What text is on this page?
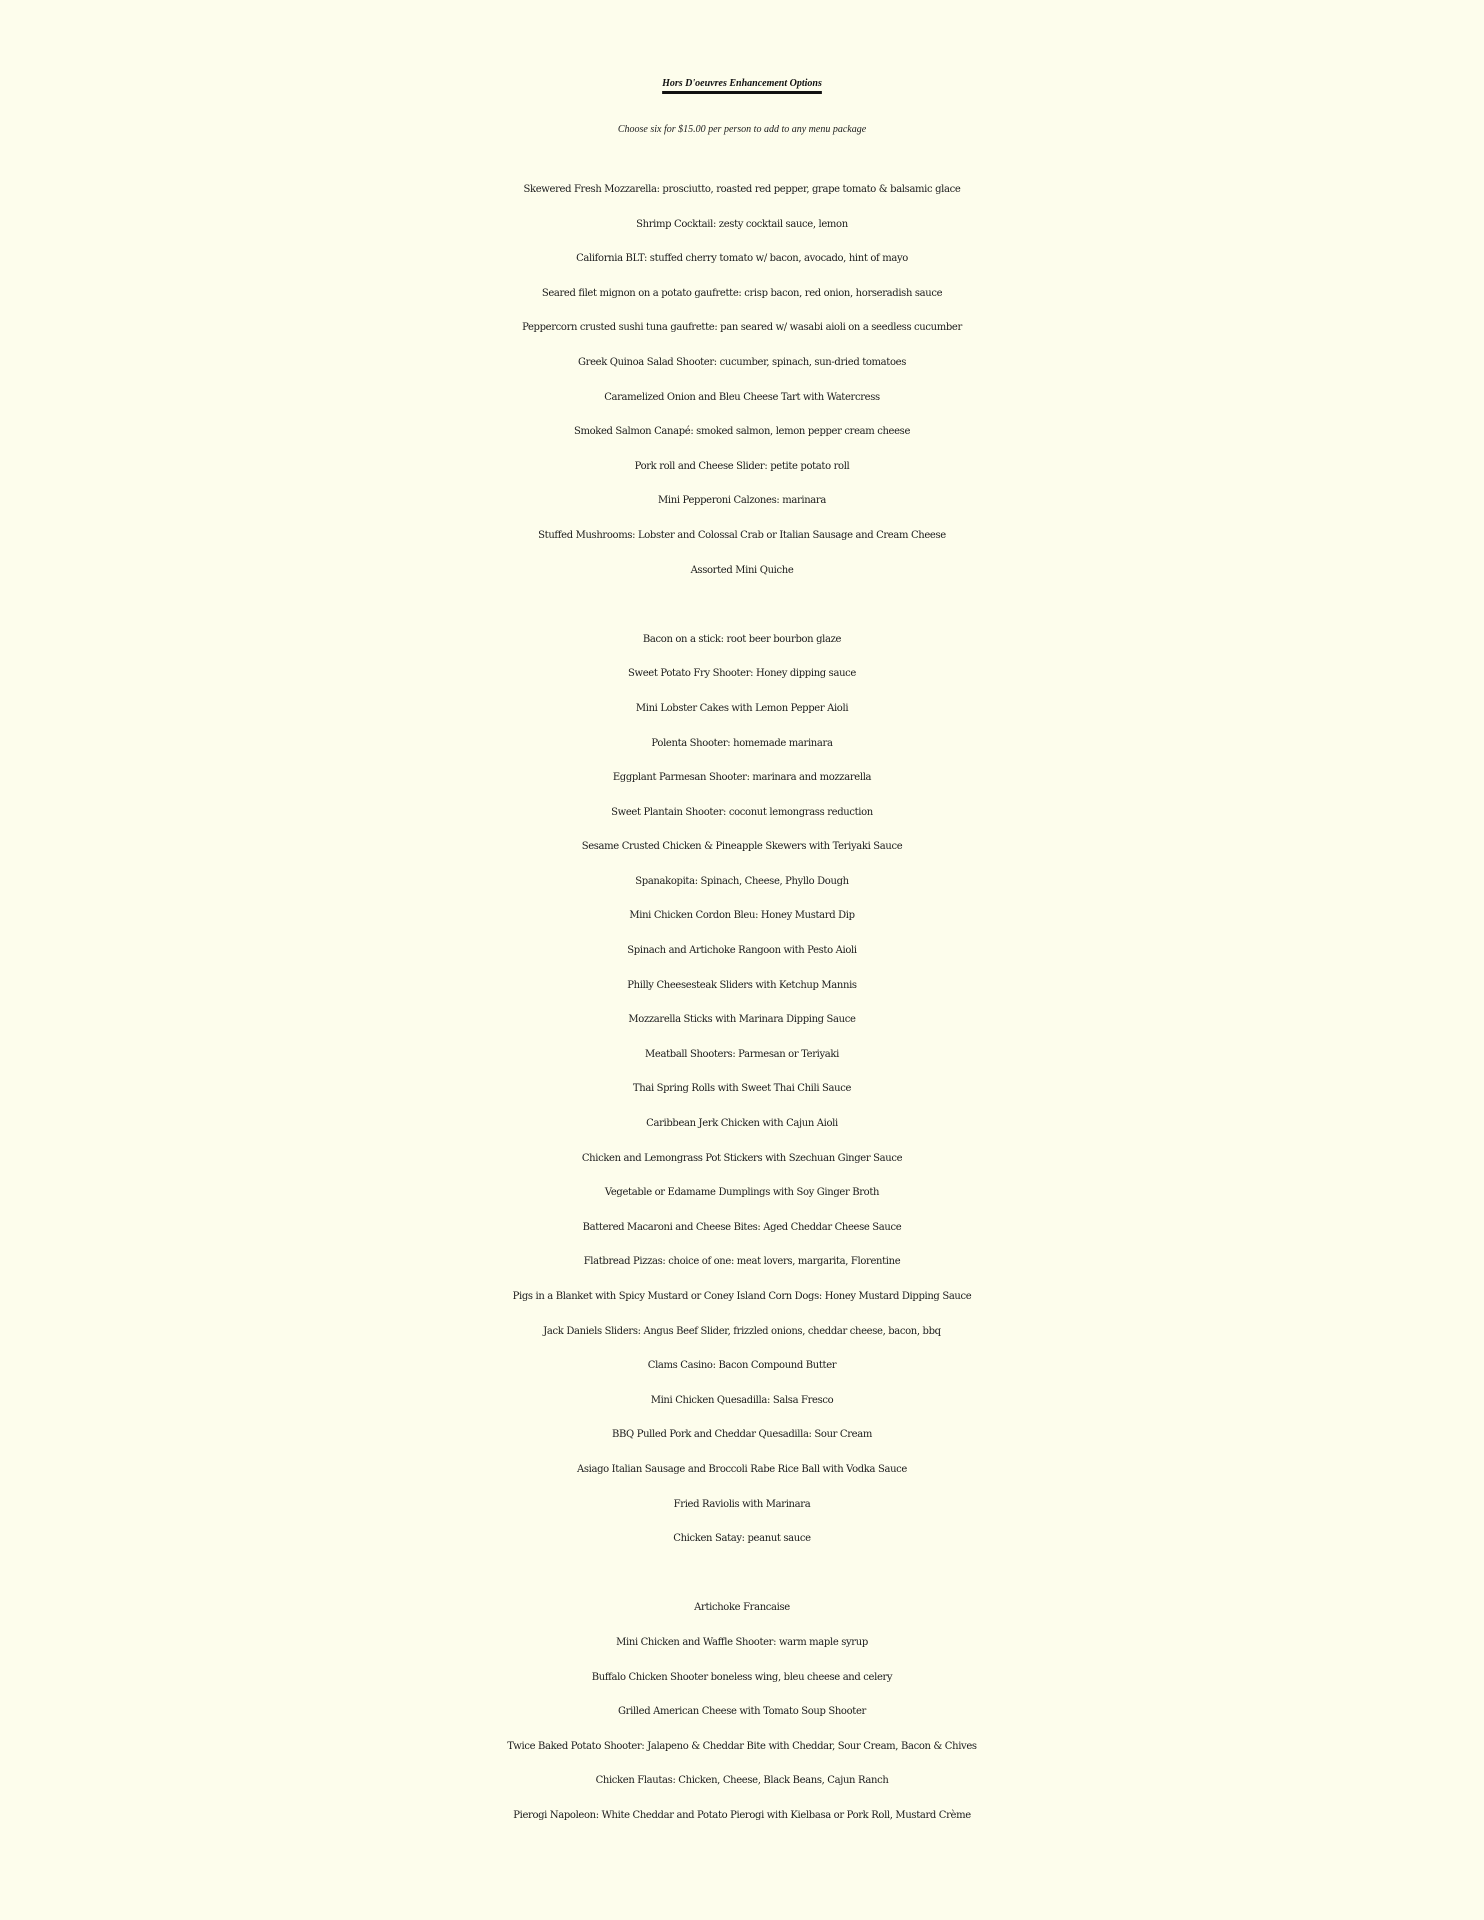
Hors D'oeuvres Enhancement Options

Choose six for $15.00 per person to add to any menu package

Skewered Fresh Mozzarella: prosciutto, roasted red pepper, grape tomato & balsamic glace
Shrimp Cocktail: zesty cocktail sauce, lemon
California BLT: stuffed cherry tomato w/ bacon, avocado, hint of mayo
Seared filet mignon on a potato gaufrette: crisp bacon, red onion, horseradish sauce
Peppercorn crusted sushi tuna gaufrette: pan seared w/ wasabi aioli on a seedless cucumber
Greek Quinoa Salad Shooter: cucumber, spinach, sun-dried tomatoes
Caramelized Onion and Bleu Cheese Tart with Watercress
Smoked Salmon Canapé: smoked salmon, lemon pepper cream cheese
Pork roll and Cheese Slider: petite potato roll
Mini Pepperoni Calzones: marinara
Stuffed Mushrooms: Lobster and Colossal Crab or Italian Sausage and Cream Cheese
Assorted Mini Quiche
Bacon on a stick: root beer bourbon glaze
Sweet Potato Fry Shooter: Honey dipping sauce
Mini Lobster Cakes with Lemon Pepper Aioli
Polenta Shooter: homemade marinara
Eggplant Parmesan Shooter: marinara and mozzarella
Sweet Plantain Shooter: coconut lemongrass reduction
Sesame Crusted Chicken & Pineapple Skewers with Teriyaki Sauce
Spanakopita: Spinach, Cheese, Phyllo Dough
Mini Chicken Cordon Bleu: Honey Mustard Dip
Spinach and Artichoke Rangoon with Pesto Aioli
Philly Cheesesteak Sliders with Ketchup Mannis
Mozzarella Sticks with Marinara Dipping Sauce
Meatball Shooters: Parmesan or Teriyaki
Thai Spring Rolls with Sweet Thai Chili Sauce
Caribbean Jerk Chicken with Cajun Aioli
Chicken and Lemongrass Pot Stickers with Szechuan Ginger Sauce
Vegetable or Edamame Dumplings with Soy Ginger Broth
Battered Macaroni and Cheese Bites: Aged Cheddar Cheese Sauce
Flatbread Pizzas: choice of one: meat lovers, margarita, Florentine
Pigs in a Blanket with Spicy Mustard or Coney Island Corn Dogs: Honey Mustard Dipping Sauce
Jack Daniels Sliders: Angus Beef Slider, frizzled onions, cheddar cheese, bacon, bbq
Clams Casino: Bacon Compound Butter
Mini Chicken Quesadilla: Salsa Fresco
BBQ Pulled Pork and Cheddar Quesadilla: Sour Cream
Asiago Italian Sausage and Broccoli Rabe Rice Ball with Vodka Sauce
Fried Raviolis with Marinara
Chicken Satay: peanut sauce
Artichoke Francaise
Mini Chicken and Waffle Shooter: warm maple syrup
Buffalo Chicken Shooter boneless wing, bleu cheese and celery
Grilled American Cheese with Tomato Soup Shooter
Twice Baked Potato Shooter: Jalapeno & Cheddar Bite with Cheddar, Sour Cream, Bacon & Chives
Chicken Flautas: Chicken, Cheese, Black Beans, Cajun Ranch
Pierogi Napoleon: White Cheddar and Potato Pierogi with Kielbasa or Pork Roll, Mustard Crème
